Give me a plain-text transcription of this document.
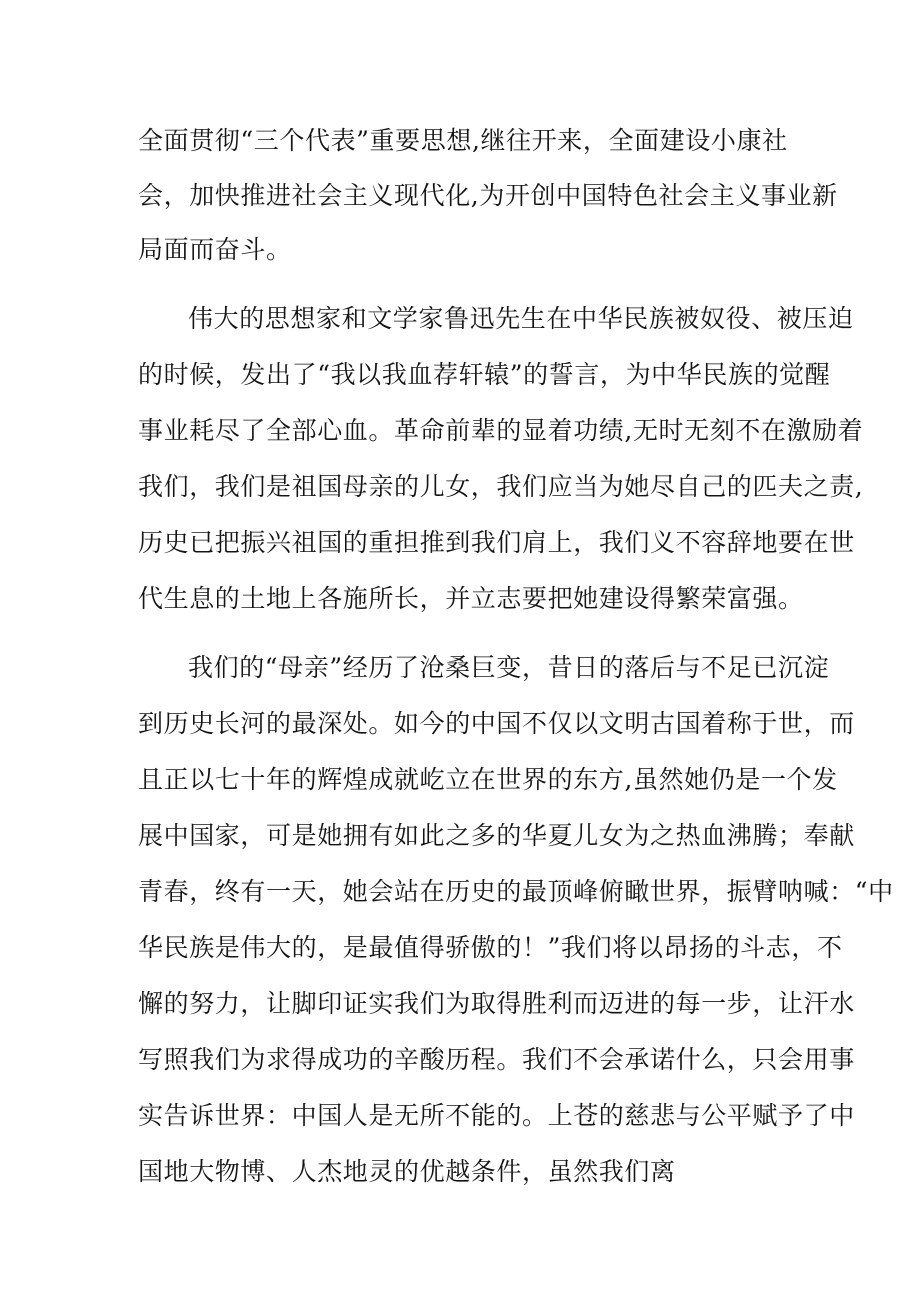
全面贯彻“三个代表”重要思想,继往开来，全面建设小康社
会，加快推进社会主义现代化,为开创中国特色社会主义事业新
局面而奋斗。
伟大的思想家和文学家鲁迅先生在中华民族被奴役、被压迫
的时候，发出了“我以我血荐轩辕”的誓言，为中华民族的觉醒
事业耗尽了全部心血。革命前辈的显着功绩,无时无刻不在激励着
我们，我们是祖国母亲的儿女，我们应当为她尽自己的匹夫之责,
历史已把振兴祖国的重担推到我们肩上，我们义不容辞地要在世
代生息的土地上各施所长，并立志要把她建设得繁荣富强。
我们的“母亲”经历了沧桑巨变，昔日的落后与不足已沉淀
到历史长河的最深处。如今的中国不仅以文明古国着称于世，而
且正以七十年的辉煌成就屹立在世界的东方,虽然她仍是一个发
展中国家，可是她拥有如此之多的华夏儿女为之热血沸腾；奉献
青春，终有一天，她会站在历史的最顶峰俯瞰世界，振臂呐喊：“中
华民族是伟大的，是最值得骄傲的！”我们将以昂扬的斗志，不
懈的努力，让脚印证实我们为取得胜利而迈进的每一步，让汗水
写照我们为求得成功的辛酸历程。我们不会承诺什么，只会用事
实告诉世界：中国人是无所不能的。上苍的慈悲与公平赋予了中
国地大物博、人杰地灵的优越条件，虽然我们离
